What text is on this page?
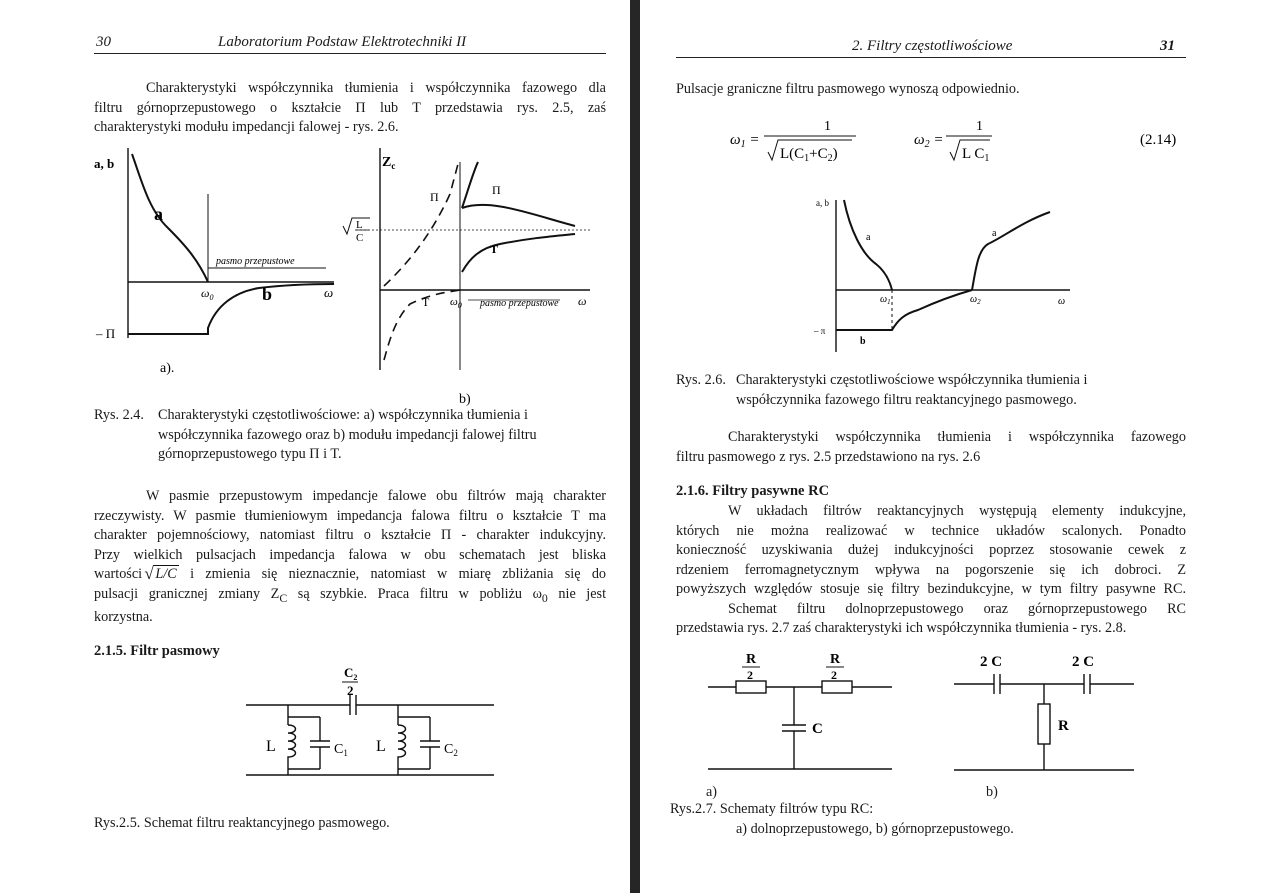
30	Laboratorium Podstaw Elektrotechniki II
Charakterystyki współczynnika tłumienia i współczynnika fazowego dla
filtru górnoprzepustowego o kształcie Π lub T przedstawia rys. 2.5, zaś
charakterystyki modułu impedancji falowej - rys. 2.6.
a, b
a
b
pasmo przepustowe
$\omega_0$	ω
– Π
a).
$Z_c$
L
C
Π
Π
T
T $\omega_0$ pasmo przepustowe ω
b)
Rys. 2.4. Charakterystyki częstotliwościowe: a) współczynnika tłumienia i
współczynnika fazowego oraz b) modułu impedancji falowej filtru
górnoprzepustowego typu Π i T.
W pasmie przepustowym impedancje falowe obu filtrów mają charakter
rzeczywisty. W pasmie tłumieniowym impedancja falowa filtru o kształcie T ma
charakter pojemnościowy, natomiast filtru o kształcie Π - charakter indukcyjny.
Przy wielkich pulsacjach impedancja falowa w obu schematach jest bliska
wartości √ L/C i zmienia się nieznacznie, natomiast w miarę zbliżania się do
pulsacji granicznej zmiany $Z_C$ są szybkie. Praca filtru w pobliżu $\omega_0$ nie jest
korzystna.
2.1.5. Filtr pasmowy
$C_2$
2
L	$C_1$ L	$C_2$
Rys.2.5. Schemat filtru reaktancyjnego pasmowego.
2. Filtry częstotliwościowe	31
Pulsacje graniczne filtru pasmowego wynoszą odpowiednio.
$\omega_1$ =
1
$L(C_1+C_2)$
$\omega_2$ =
1
L $C_1$
(2.14)
a, b
a	a
b
$\omega_1$	$\omega_2$	ω
– π
Rys. 2.6. Charakterystyki częstotliwościowe współczynnika tłumienia i
współczynnika fazowego filtru reaktancyjnego pasmowego.
Charakterystyki współczynnika tłumienia i współczynnika fazowego
filtru pasmowego z rys. 2.5 przedstawiono na rys. 2.6
2.1.6. Filtry pasywne RC
W układach filtrów reaktancyjnych występują elementy indukcyjne,
których nie można realizować w technice układów scalonych. Ponadto
konieczność uzyskiwania dużej indukcyjności poprzez stosowanie cewek z
rdzeniem ferromagnetycznym wpływa na pogorszenie się ich dobroci. Z
powyższych względów stosuje się filtry bezindukcyjne, w tym filtry pasywne RC.
Schemat filtru dolnoprzepustowego oraz górnoprzepustowego RC
przedstawia rys. 2.7 zaś charakterystyki ich współczynnika tłumienia - rys. 2.8.
R
2
R
2
C
a)
2 C	2 C
R
b)
Rys.2.7. Schematy filtrów typu RC:
a) dolnoprzepustowego, b) górnoprzepustowego.
